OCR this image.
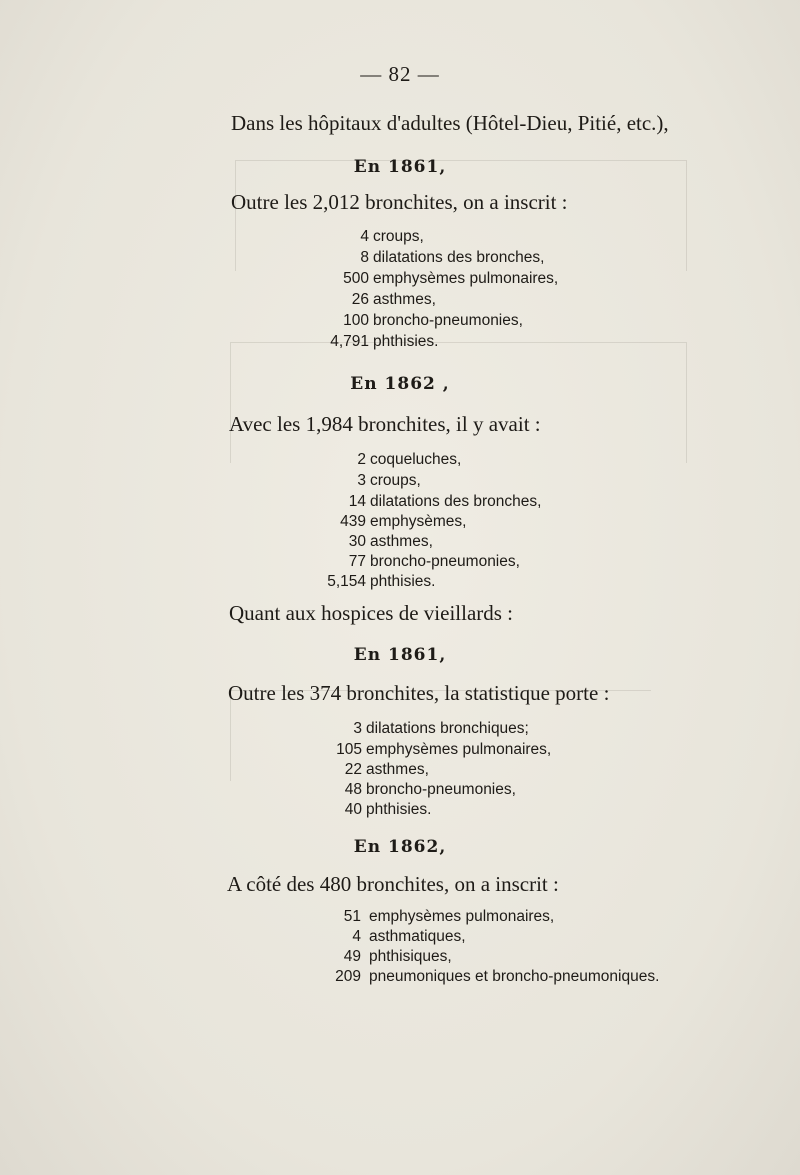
— 82 —
Dans les hôpitaux d'adultes (Hôtel-Dieu, Pitié, etc.),
En 1861,
Outre les 2,012 bronchites, on a inscrit :
4 croups,
8 dilatations des bronches,
500 emphysèmes pulmonaires,
26 asthmes,
100 broncho-pneumonies,
4,791 phthisies.
En 1862 ,
Avec les 1,984 bronchites, il y avait :
2 coqueluches,
3 croups,
14 dilatations des bronches,
439 emphysèmes,
30 asthmes,
77 broncho-pneumonies,
5,154 phthisies.
Quant aux hospices de vieillards :
En 1861,
Outre les 374 bronchites, la statistique porte :
3 dilatations bronchiques;
105 emphysèmes pulmonaires,
22 asthmes,
48 broncho-pneumonies,
40 phthisies.
En 1862,
A côté des 480 bronchites, on a inscrit :
51 emphysèmes pulmonaires,
4 asthmatiques,
49 phthisiques,
209 pneumoniques et broncho-pneumoniques.
